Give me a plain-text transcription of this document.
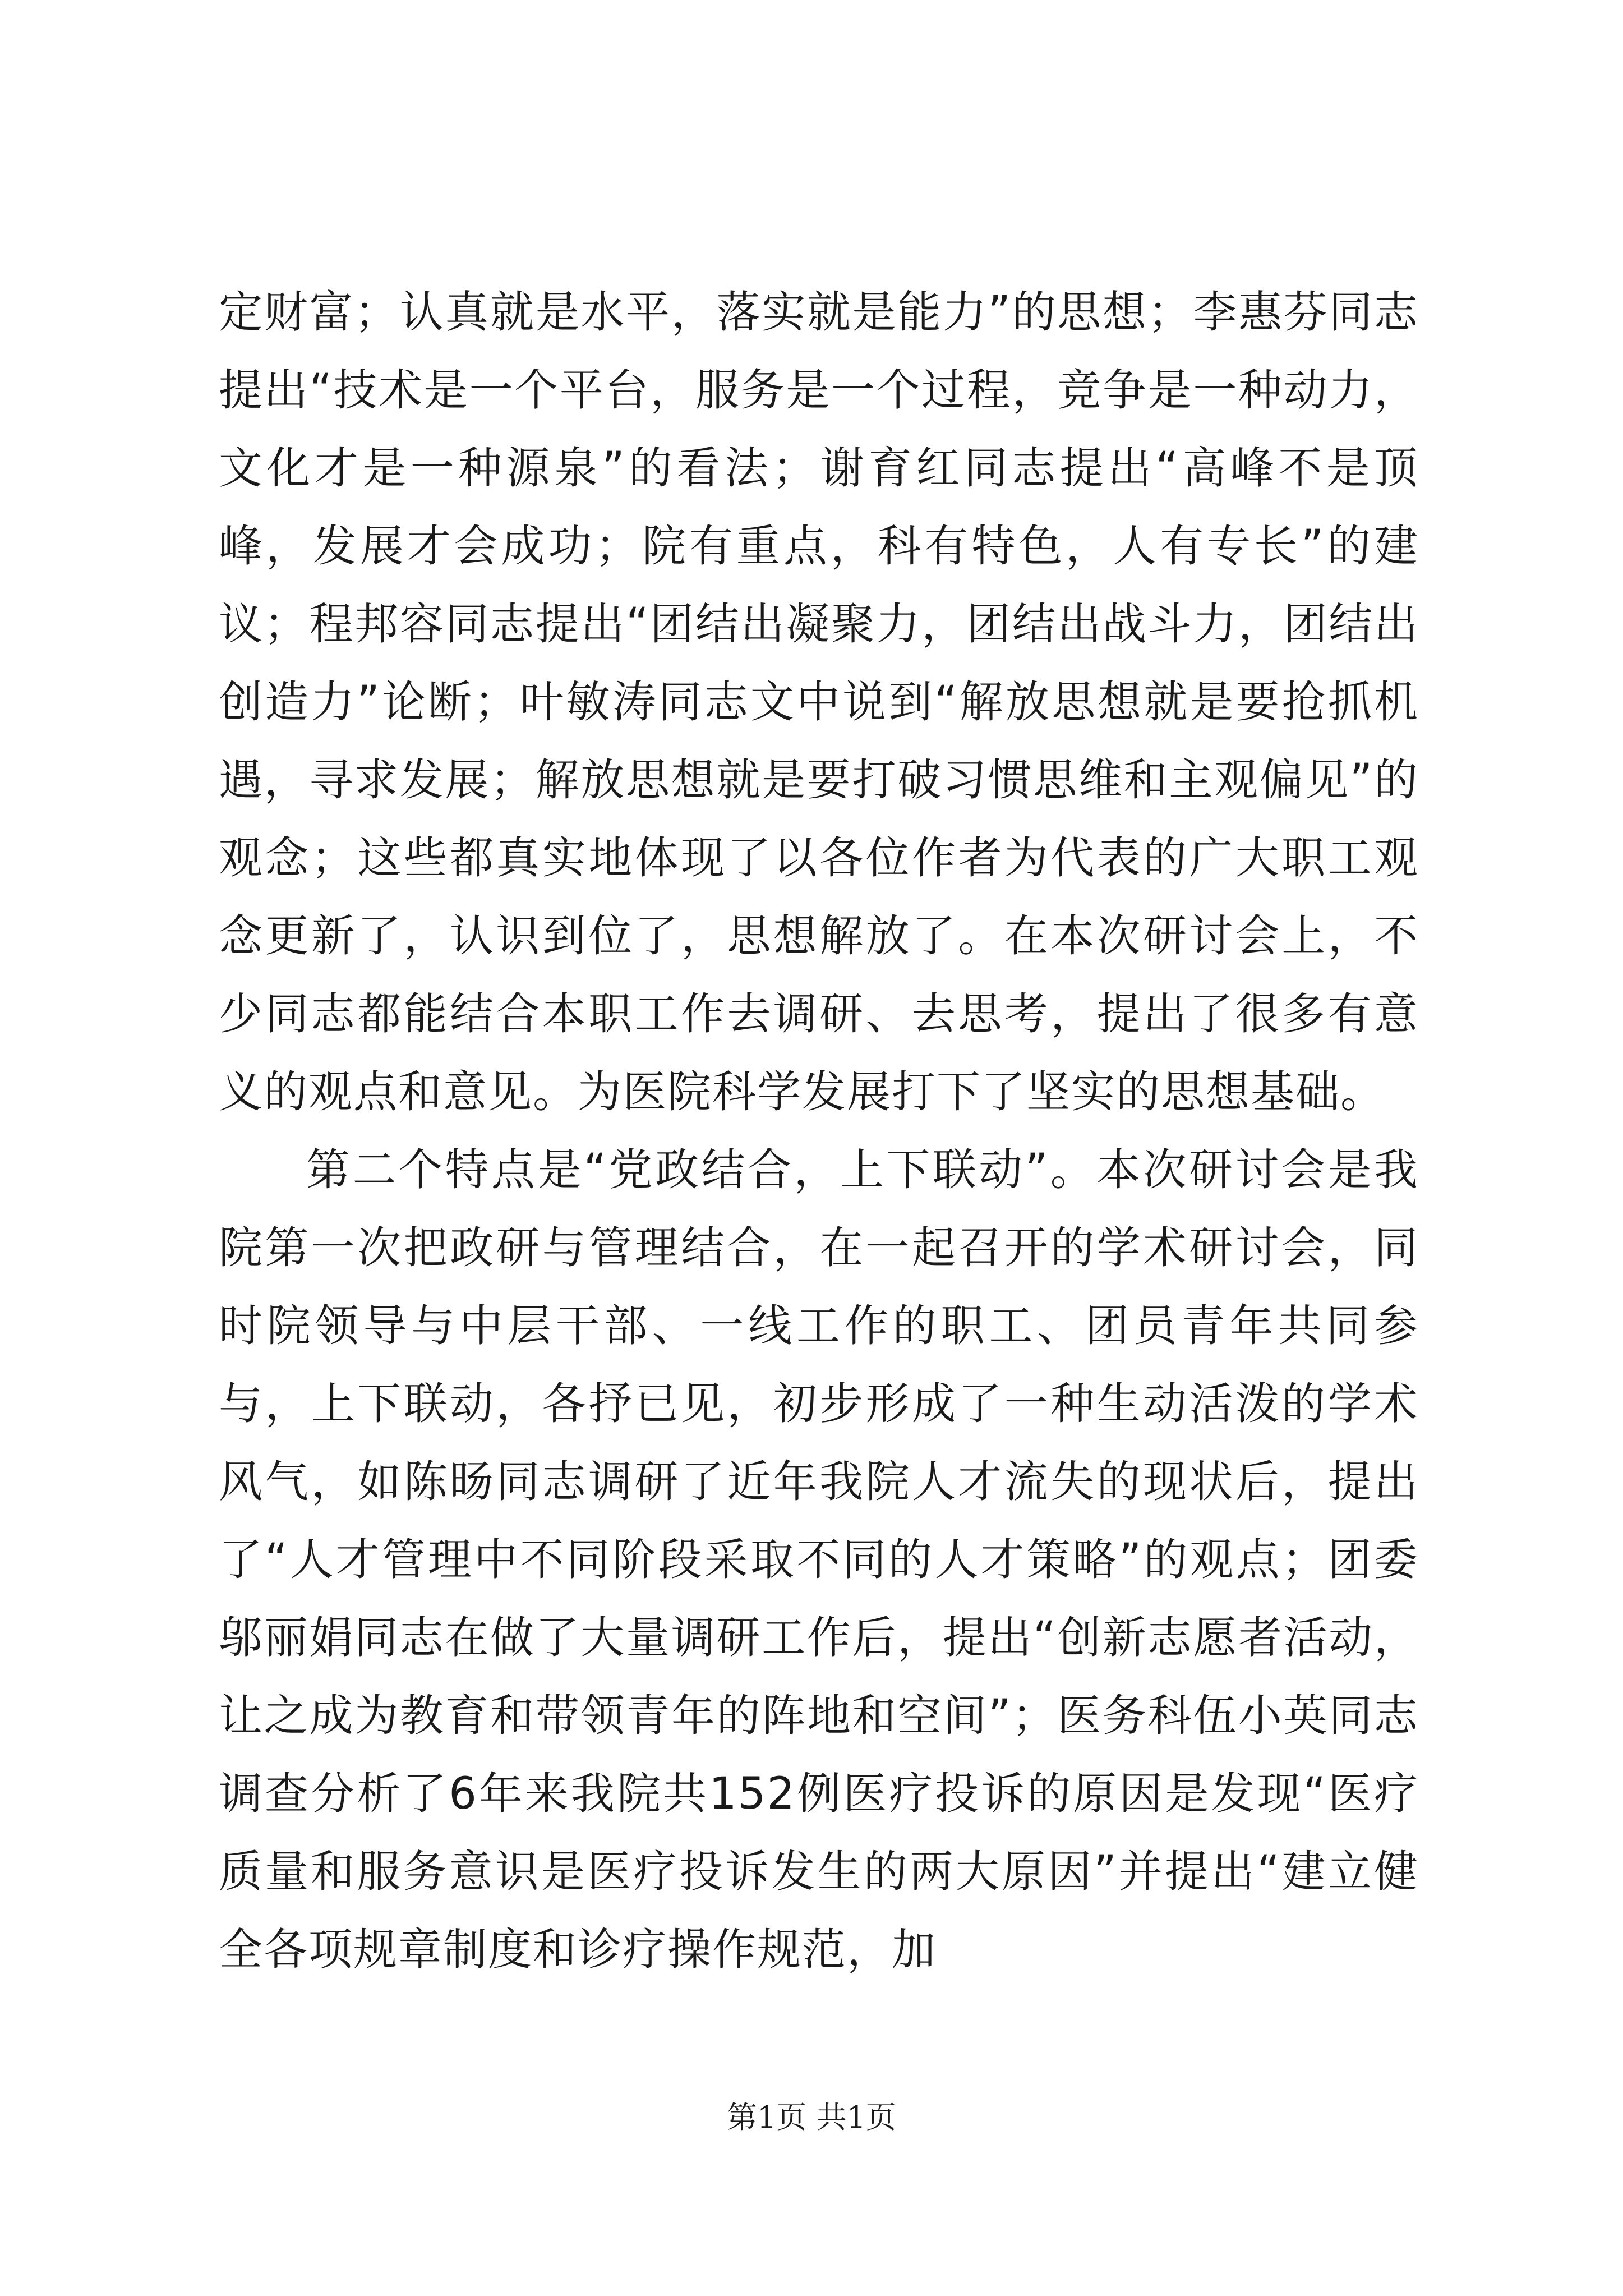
定财富；认真就是水平，落实就是能力”的思想；李惠芬同志提出“技术是一个平台，服务是一个过程，竞争是一种动力，文化才是一种源泉”的看法；谢育红同志提出“高峰不是顶峰，发展才会成功；院有重点，科有特色，人有专长”的建议；程邦容同志提出“团结出凝聚力，团结出战斗力，团结出创造力”论断；叶敏涛同志文中说到“解放思想就是要抢抓机遇，寻求发展；解放思想就是要打破习惯思维和主观偏见”的观念；这些都真实地体现了以各位作者为代表的广大职工观念更新了，认识到位了，思想解放了。在本次研讨会上，不少同志都能结合本职工作去调研、去思考，提出了很多有意义的观点和意见。为医院科学发展打下了坚实的思想基础。

第二个特点是“党政结合，上下联动”。本次研讨会是我院第一次把政研与管理结合，在一起召开的学术研讨会，同时院领导与中层干部、一线工作的职工、团员青年共同参与，上下联动，各抒已见，初步形成了一种生动活泼的学术风气，如陈旸同志调研了近年我院人才流失的现状后，提出了“人才管理中不同阶段采取不同的人才策略”的观点；团委邬丽娟同志在做了大量调研工作后，提出“创新志愿者活动，让之成为教育和带领青年的阵地和空间”；医务科伍小英同志调查分析了6年来我院共152例医疗投诉的原因是发现“医疗质量和服务意识是医疗投诉发生的两大原因”并提出“建立健全各项规章制度和诊疗操作规范，加

第1页 共1页
